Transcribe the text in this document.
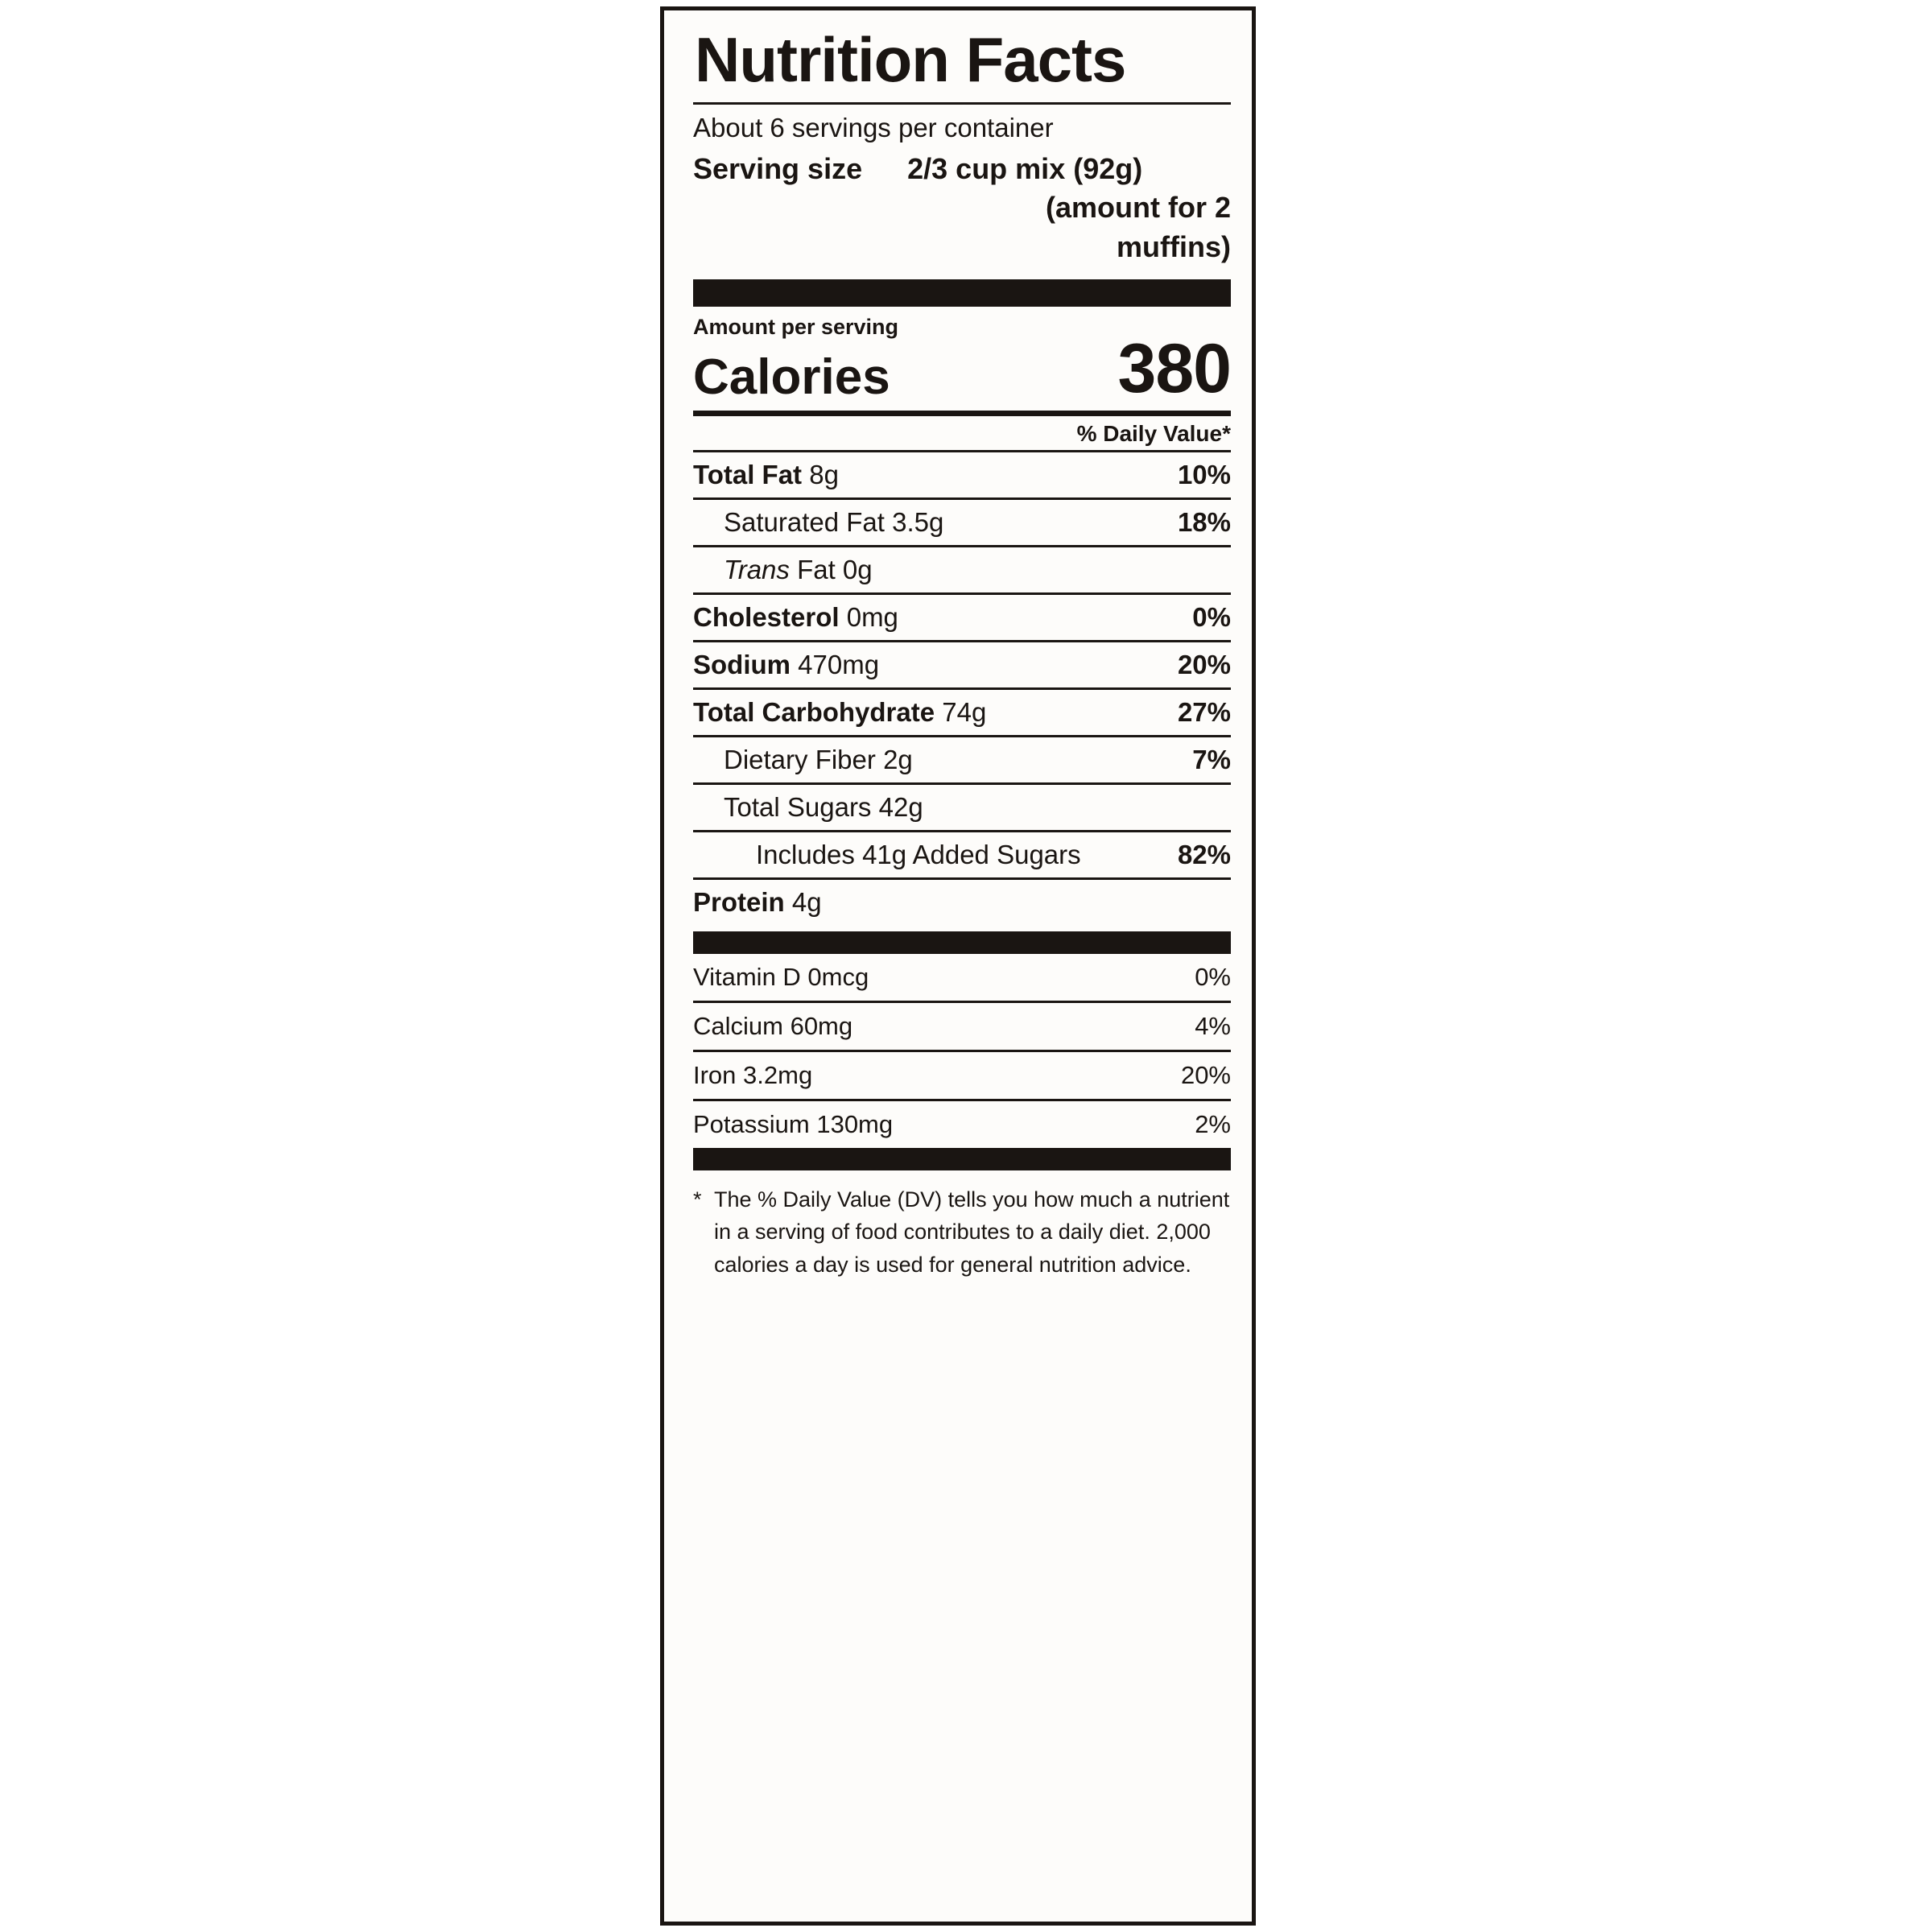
Nutrition Facts
About 6 servings per container
Serving size 2/3 cup mix (92g)
(amount for 2
muffins)
Amount per serving
Calories	380
% Daily Value*
Total Fat 8g	10%
Saturated Fat 3.5g	18%
Trans Fat 0g	
Cholesterol 0mg	0%
Sodium 470mg	20%
Total Carbohydrate 74g	27%
Dietary Fiber 2g	7%
Total Sugars 42g	
Includes 41g Added Sugars	82%
Protein 4g	
Vitamin D 0mcg	0%
Calcium 60mg	4%
Iron 3.2mg	20%
Potassium 130mg	2%
* The % Daily Value (DV) tells you how much a nutrient in a serving of food contributes to a daily diet. 2,000 calories a day is used for general nutrition advice.
